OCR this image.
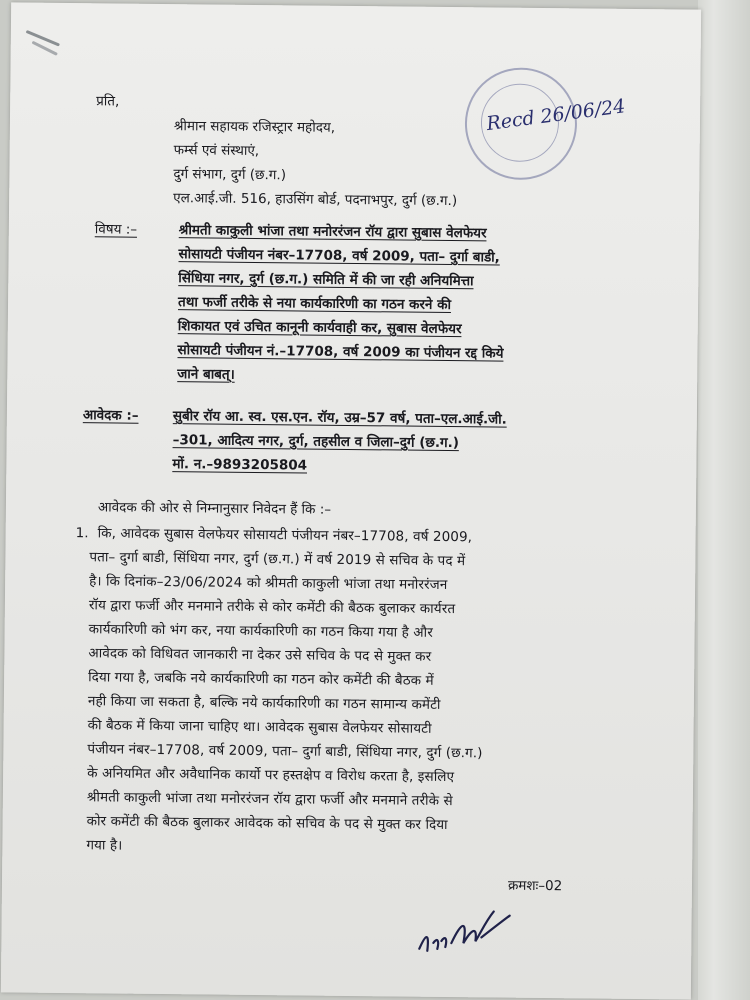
प्रति,
श्रीमान सहायक रजिस्ट्रार महोदय,
फर्म्स एवं संस्थाएं,
दुर्ग संभाग, दुर्ग (छ.ग.)
एल.आई.जी. 516, हाउसिंग बोर्ड, पदनाभपुर, दुर्ग (छ.ग.)
Recd 26/06/24
विषय :–	श्रीमती काकुली भांजा तथा मनोररंजन रॉय द्वारा सुबास वेलफेयर
सोसायटी पंजीयन नंबर–17708, वर्ष 2009, पता– दुर्गा बाडी,
सिंधिया नगर, दुर्ग (छ.ग.) समिति में की जा रही अनियमित्ता
तथा फर्जी तरीके से नया कार्यकारिणी का गठन करने की
शिकायत एवं उचित कानूनी कार्यवाही कर, सुबास वेलफेयर
सोसायटी पंजीयन नं.–17708, वर्ष 2009 का पंजीयन रद्द किये
जाने बाबत्।
आवेदक :–	सुबीर रॉय आ. स्व. एस.एन. रॉय, उम्र–57 वर्ष, पता–एल.आई.जी.
–301, आदित्य नगर, दुर्ग, तहसील व जिला–दुर्ग (छ.ग.)
मों. न.–9893205804
आवेदक की ओर से निम्नानुसार निवेदन हैं कि :–
1. कि, आवेदक सुबास वेलफेयर सोसायटी पंजीयन नंबर–17708, वर्ष 2009,
पता– दुर्गा बाडी, सिंधिया नगर, दुर्ग (छ.ग.) में वर्ष 2019 से सचिव के पद में
है। कि दिनांक–23/06/2024 को श्रीमती काकुली भांजा तथा मनोररंजन
रॉय द्वारा फर्जी और मनमाने तरीके से कोर कमेंटी की बैठक बुलाकर कार्यरत
कार्यकारिणी को भंग कर, नया कार्यकारिणी का गठन किया गया है और
आवेदक को विधिवत जानकारी ना देकर उसे सचिव के पद से मुक्त कर
दिया गया है, जबकि नये कार्यकारिणी का गठन कोर कमेंटी की बैठक में
नही किया जा सकता है, बल्कि नये कार्यकारिणी का गठन सामान्य कमेंटी
की बैठक में किया जाना चाहिए था। आवेदक सुबास वेलफेयर सोसायटी
पंजीयन नंबर–17708, वर्ष 2009, पता– दुर्गा बाडी, सिंधिया नगर, दुर्ग (छ.ग.)
के अनियमित और अवैधानिक कार्यो पर हस्तक्षेप व विरोध करता है, इसलिए
श्रीमती काकुली भांजा तथा मनोररंजन रॉय द्वारा फर्जी और मनमाने तरीके से
कोर कमेंटी की बैठक बुलाकर आवेदक को सचिव के पद से मुक्त कर दिया
गया है।
क्रमशः–02
